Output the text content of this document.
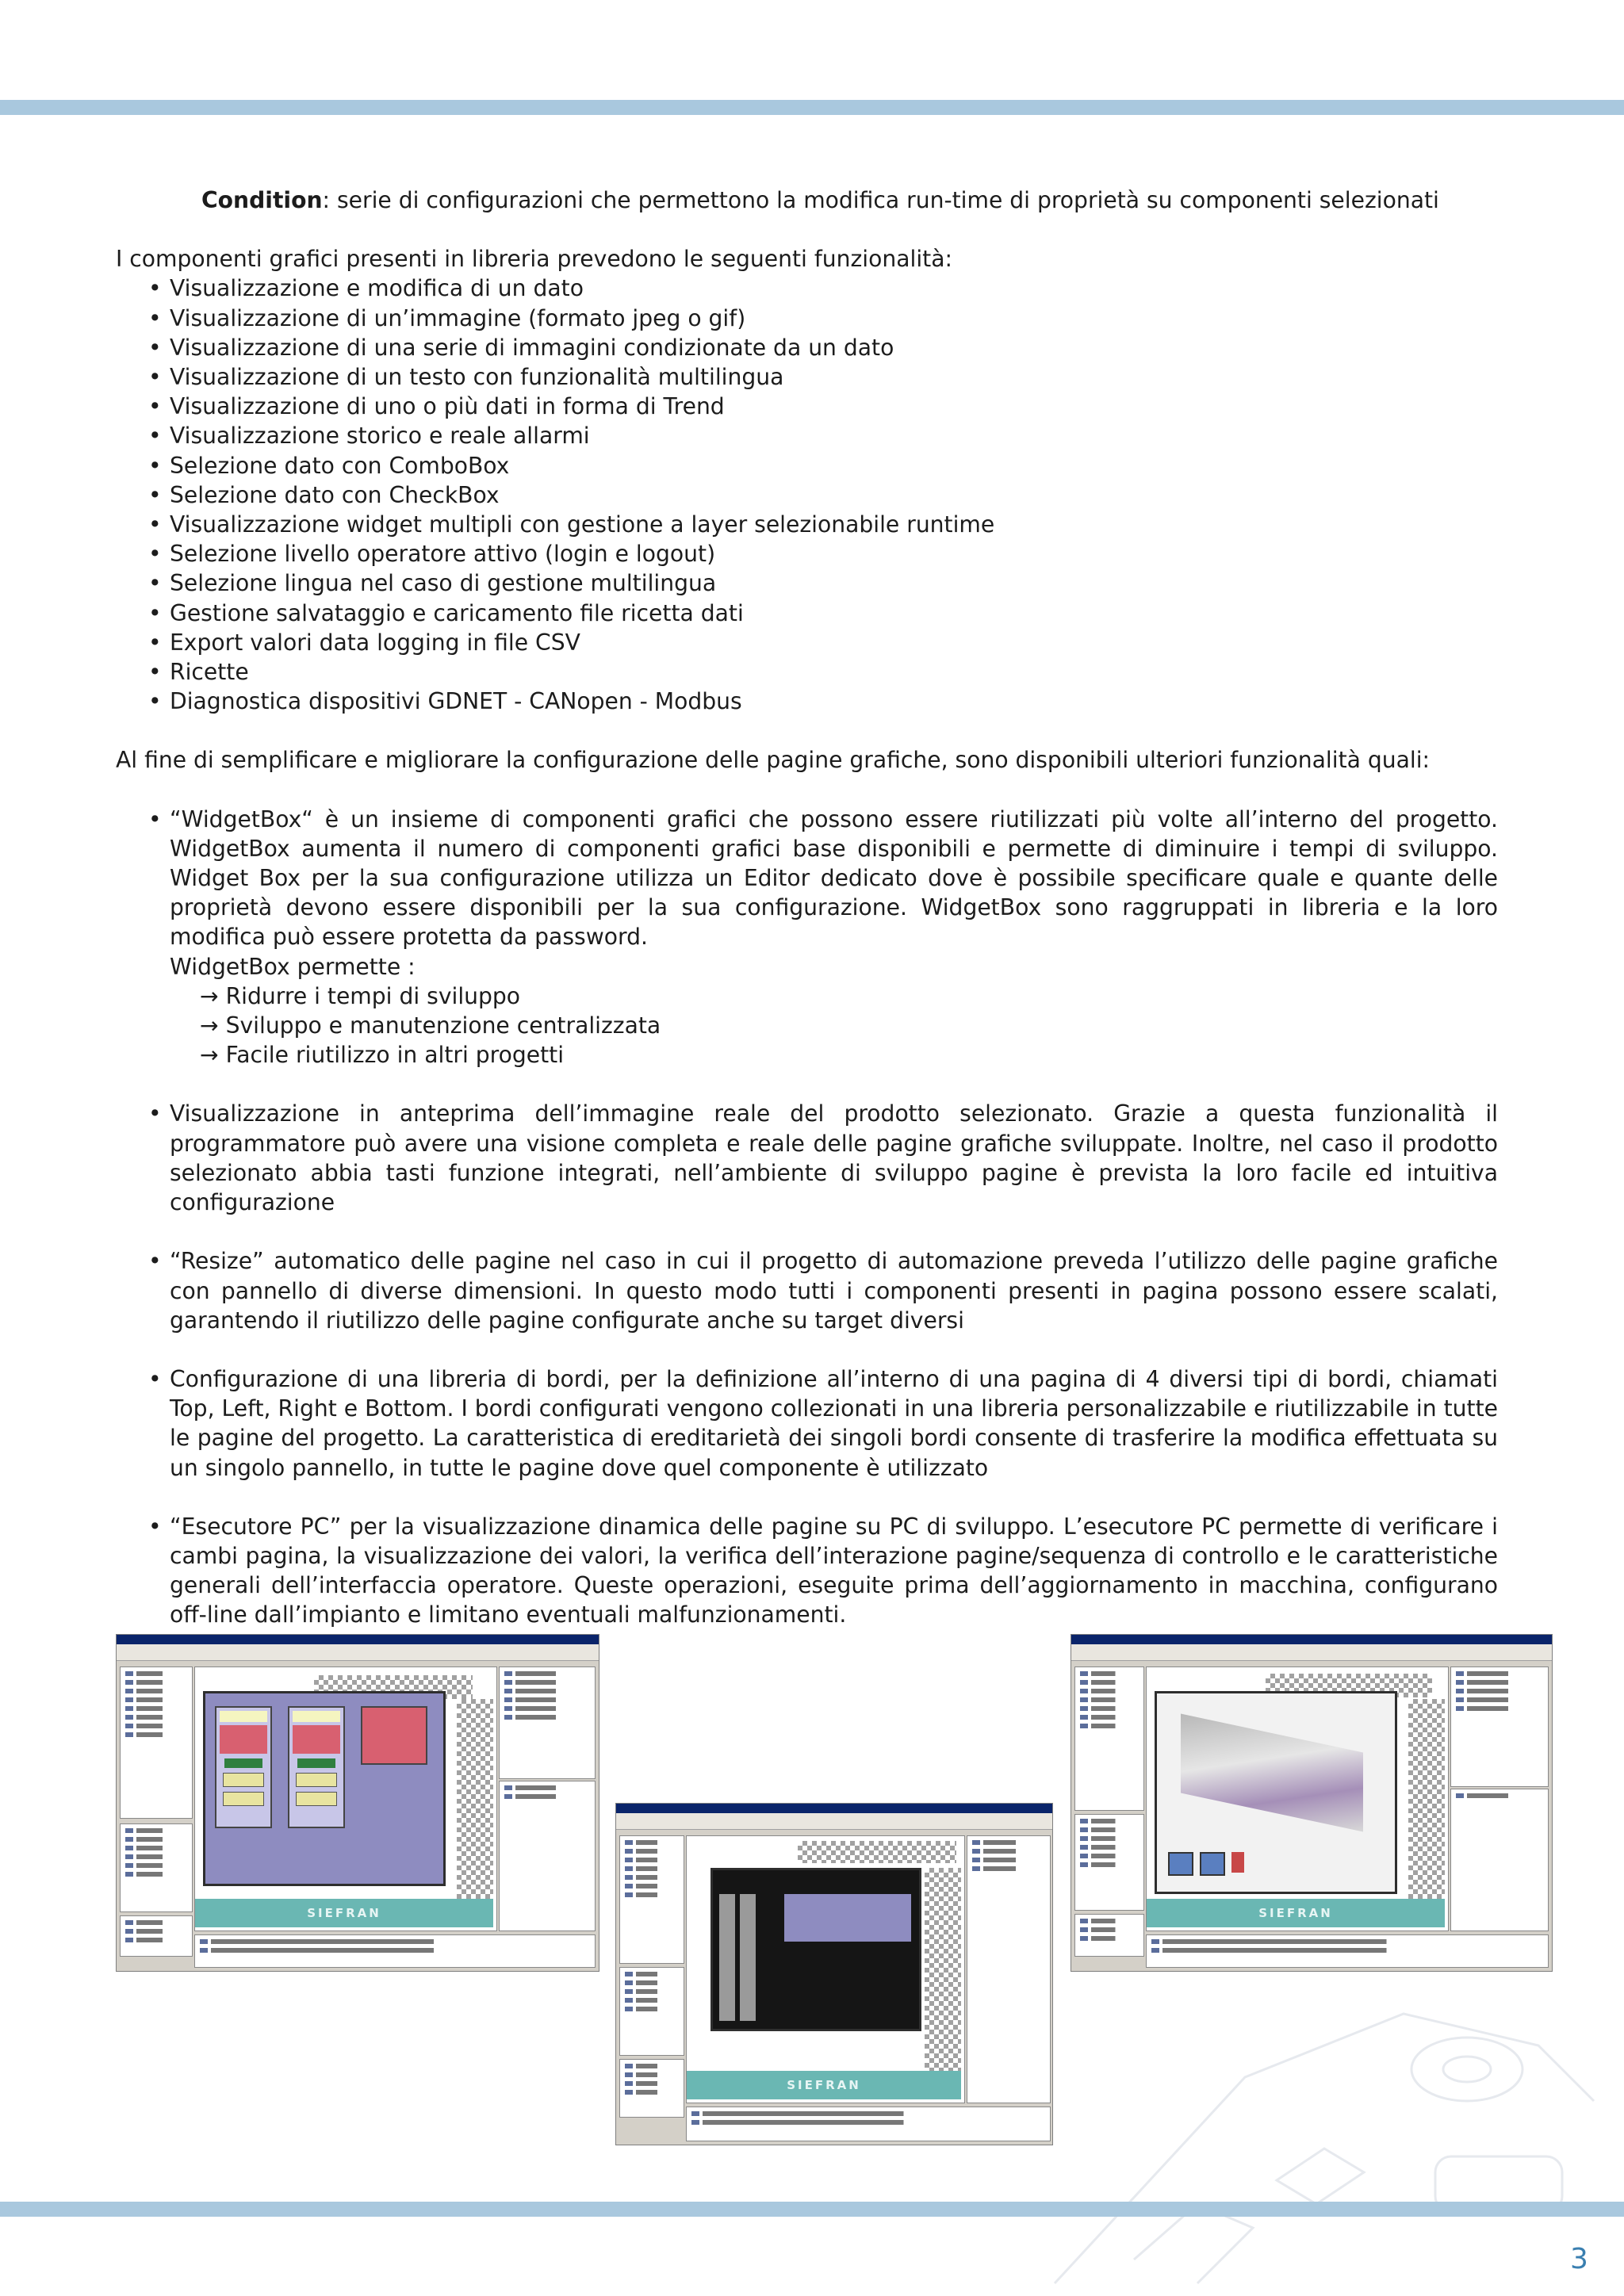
Condition: serie di configurazioni che permettono la modifica run-time di proprietà su componenti selezionati

I componenti grafici presenti in libreria prevedono le seguenti funzionalità:

• Visualizzazione e modifica di un dato
• Visualizzazione di un’immagine (formato jpeg o gif)
• Visualizzazione di una serie di immagini condizionate da un dato
• Visualizzazione di un testo con funzionalità multilingua
• Visualizzazione di uno o più dati in forma di Trend
• Visualizzazione storico e reale allarmi
• Selezione dato con ComboBox
• Selezione dato con CheckBox
• Visualizzazione widget multipli con gestione a layer selezionabile runtime
• Selezione livello operatore attivo (login e logout)
• Selezione lingua nel caso di gestione multilingua
• Gestione salvataggio e caricamento file ricetta dati
• Export valori data logging in file CSV
• Ricette
• Diagnostica dispositivi GDNET - CANopen - Modbus

Al fine di semplificare e migliorare la configurazione delle pagine grafiche, sono disponibili ulteriori funzionalità quali:

• “WidgetBox“ è un insieme di componenti grafici che possono essere riutilizzati più volte all’interno del progetto. WidgetBox aumenta il numero di componenti grafici base disponibili e permette di diminuire i tempi di sviluppo. Widget Box per la sua configurazione utilizza un Editor dedicato dove è possibile specificare quale e quante delle proprietà devono essere disponibili per la sua configurazione. WidgetBox sono raggruppati in libreria e la loro modifica può essere protetta da password.
WidgetBox permette :
→ Ridurre i tempi di sviluppo
→ Sviluppo e manutenzione centralizzata
→ Facile riutilizzo in altri progetti
• Visualizzazione in anteprima dell’immagine reale del prodotto selezionato. Grazie a questa funzionalità il programmatore può avere una visione completa e reale delle pagine grafiche sviluppate. Inoltre, nel caso il prodotto selezionato abbia tasti funzione integrati, nell’ambiente di sviluppo pagine è prevista la loro facile ed intuitiva configurazione
• “Resize” automatico delle pagine nel caso in cui il progetto di automazione preveda l’utilizzo delle pagine grafiche con pannello di diverse dimensioni. In questo modo tutti i componenti presenti in pagina possono essere scalati, garantendo il riutilizzo delle pagine configurate anche su target diversi
• Configurazione di una libreria di bordi, per la definizione all’interno di una pagina di 4 diversi tipi di bordi, chiamati Top, Left, Right e Bottom. I bordi configurati vengono collezionati in una libreria personalizzabile e riutilizzabile in tutte le pagine del progetto. La caratteristica di ereditarietà dei singoli bordi consente di trasferire la modifica effettuata su un singolo pannello, in tutte le pagine dove quel componente è utilizzato
• “Esecutore PC” per la visualizzazione dinamica delle pagine su PC di sviluppo. L’esecutore PC permette di verificare i cambi pagina, la visualizzazione dei valori, la verifica dell’interazione pagine/sequenza di controllo e le caratteristiche generali dell’interfaccia operatore. Queste operazioni, eseguite prima dell’aggiornamento in macchina, configurano off-line dall’impianto e limitano eventuali malfunzionamenti.
SIEFRAN
SIEFRAN
SIEFRAN
3
